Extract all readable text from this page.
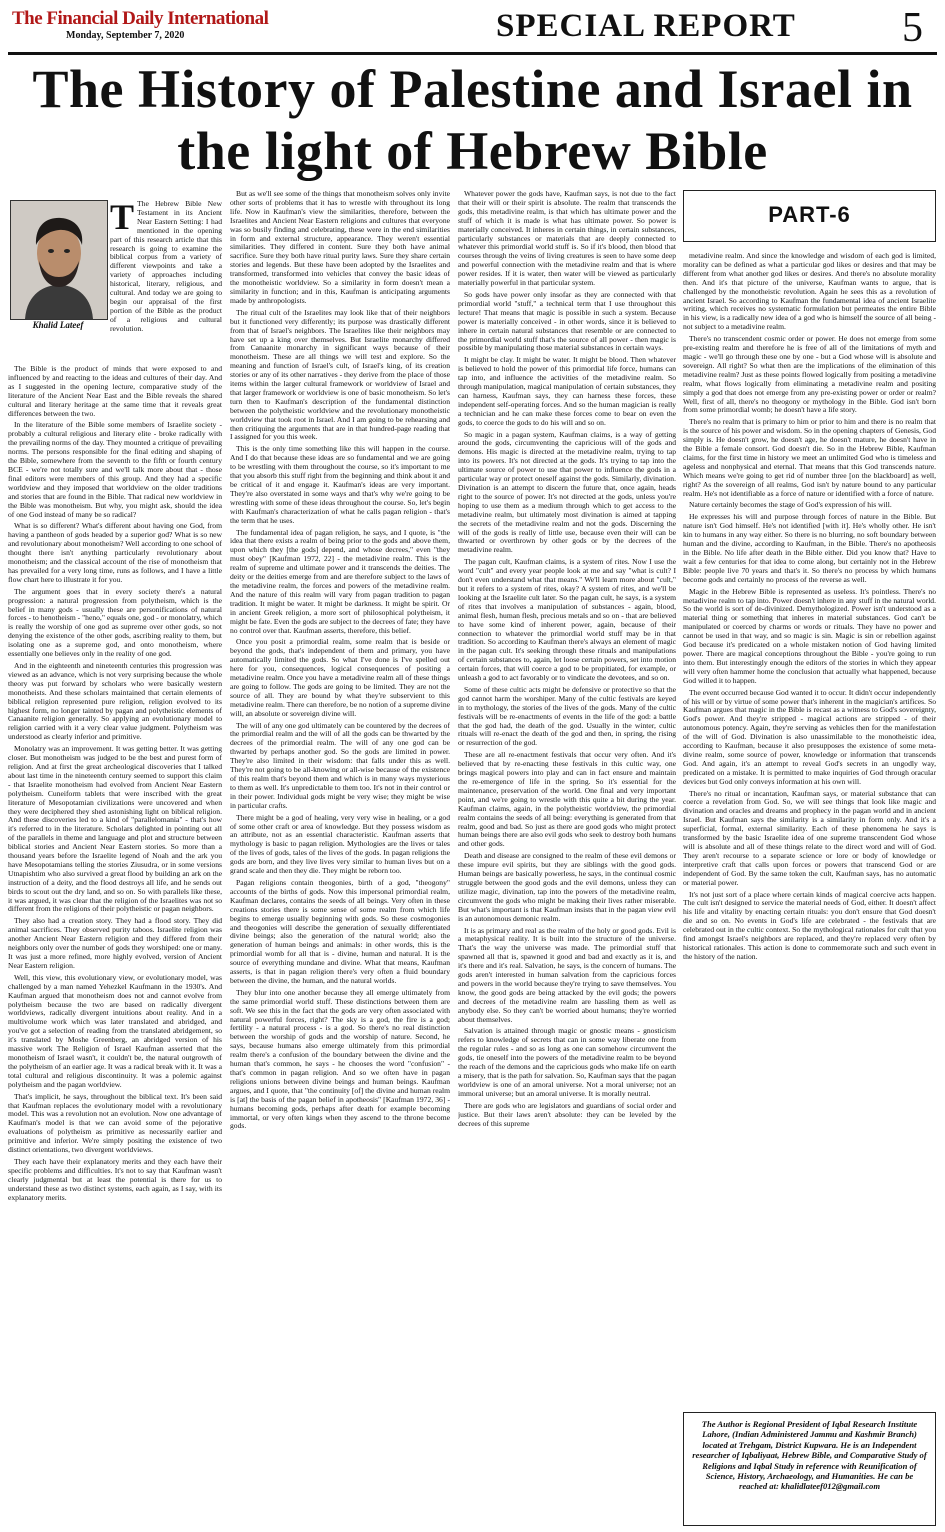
The Financial Daily International
Monday, September 7, 2020	SPECIAL REPORT	5
The History of Palestine and Israel in the light of Hebrew Bible
Khalid Lateef
T The Hebrew Bible New Testament in its Ancient Near Eastern Setting: I had mentioned in the opening part of this research article that this research is going to examine the biblical corpus from a variety of different viewpoints and take a variety of approaches including historical, literary, religious, and cultural. And today we are going to begin our appraisal of the first portion of the Bible as the product of a religious and cultural revolution.

The Bible is the product of minds that were exposed to and influenced by and reacting to the ideas and cultures of their day. And as I suggested in the opening lecture, comparative study of the literature of the Ancient Near East and the Bible reveals the shared cultural and literary heritage at the same time that it reveals great differences between the two.

In the literature of the Bible some members of Israelite society - probably a cultural religious and literary elite - broke radically with the prevailing norms of the day. They mounted a critique of prevailing norms. The persons responsible for the final editing and shaping of the Bible, somewhere from the seventh to the fifth or fourth century BCE - we're not totally sure and we'll talk more about that - those final editors were members of this group. And they had a specific worldview and they imposed that worldview on the older traditions and stories that are found in the Bible. That radical new worldview in the Bible was monotheism. But why, you might ask, should the idea of one God instead of many be so radical?

What is so different? What's different about having one God, from having a pantheon of gods headed by a superior god? What is so new and revolutionary about monotheism? Well according to one school of thought there isn't anything particularly revolutionary about monotheism; and the classical account of the rise of monotheism that has prevailed for a very long time, runs as follows, and I have a little flow chart here to illustrate it for you.

The argument goes that in every society there's a natural progression: a natural progression from polytheism, which is the belief in many gods - usually these are personifications of natural forces - to henotheism - "heno," equals one, god - or monolatry, which is really the worship of one god as supreme over other gods, so not denying the existence of the other gods, ascribing reality to them, but isolating one as a supreme god, and onto monotheism, where essentially one believes only in the reality of one god.

And in the eighteenth and nineteenth centuries this progression was viewed as an advance, which is not very surprising because the whole theory was put forward by scholars who were basically western monotheists. And these scholars maintained that certain elements of biblical religion represented pure religion, religion evolved to its highest form, no longer tainted by pagan and polytheistic elements of Canaanite religion generally. So applying an evolutionary model to religion carried with it a very clear value judgment. Polytheism was understood as clearly inferior and primitive.

Monolatry was an improvement. It was getting better. It was getting closer. But monotheism was judged to be the best and purest form of religion. And at first the great archeological discoveries that I talked about last time in the nineteenth century seemed to support this claim - that Israelite monotheism had evolved from Ancient Near Eastern polytheism. Cuneiform tablets that were inscribed with the great literature of Mesopotamian civilizations were uncovered and when they were deciphered they shed astonishing light on biblical religion. And these discoveries led to a kind of "parallelomania" - that's how it's referred to in the literature. Scholars delighted in pointing out all of the parallels in theme and language and plot and structure between biblical stories and Ancient Near Eastern stories. So more than a thousand years before the Israelite legend of Noah and the ark you have Mesopotamians telling the stories Ziusudra, or in some versions Utnapishtim who also survived a great flood by building an ark on the instruction of a deity, and the flood destroys all life, and he sends out birds to scout out the dry land, and so on. So with parallels like these, it was argued, it was clear that the religion of the Israelites was not so different from the religions of their polytheistic or pagan neighbors.

They also had a creation story. They had a flood story. They did animal sacrifices. They observed purity taboos. Israelite religion was another Ancient Near Eastern religion and they differed from their neighbors only over the number of gods they worshiped: one or many. It was just a more refined, more highly evolved, version of Ancient Near Eastern religion.

Well, this view, this evolutionary view, or evolutionary model, was challenged by a man named Yehezkel Kaufmann in the 1930's. And Kaufman argued that monotheism does not and cannot evolve from polytheism because the two are based on radically divergent worldviews, radically divergent intuitions about reality. And in a multivolume work which was later translated and abridged, and you've got a selection of reading from the translated abridgement, so it's translated by Moshe Greenberg, an abridged version of his massive work The Religion of Israel Kaufman asserted that the monotheism of Israel wasn't, it couldn't be, the natural outgrowth of the polytheism of an earlier age. It was a radical break with it. It was a total cultural and religious discontinuity. It was a polemic against polytheism and the pagan worldview.

That's implicit, he says, throughout the biblical text. It's been said that Kaufman replaces the evolutionary model with a revolutionary model. This was a revolution not an evolution. Now one advantage of Kaufman's model is that we can avoid some of the pejorative evaluations of polytheism as primitive as necessarily earlier and primitive and inferior. We're simply positing the existence of two distinct orientations, two divergent worldviews.

They each have their explanatory merits and they each have their specific problems and difficulties. It's not to say that Kaufman wasn't clearly judgmental but at least the potential is there for us to understand these as two distinct systems, each again, as I say, with its explanatory merits.

But as we'll see some of the things that monotheism solves only invite other sorts of problems that it has to wrestle with throughout its long life. Now in Kaufman's view the similarities, therefore, between the Israelites and Ancient Near Eastern religions and cultures that everyone was so busily finding and celebrating, these were in the end similarities in form and external structure, appearance. They weren't essential similarities. They differed in content. Sure they both have animal sacrifice. Sure they both have ritual purity laws. Sure they share certain stories and legends. But these have been adopted by the Israelites and transformed, transformed into vehicles that convey the basic ideas of the monotheistic worldview. So a similarity in form doesn't mean a similarity in function; and in this, Kaufman is anticipating arguments made by anthropologists.

The ritual cult of the Israelites may look like that of their neighbors but it functioned very differently; its purpose was drastically different from that of Israel's neighbors. The Israelites like their neighbors may have set up a king over themselves. But Israelite monarchy differed from Canaanite monarchy in significant ways because of their monotheism. These are all things we will test and explore. So the meaning and function of Israel's cult, of Israel's king, of its creation stories or any of its other narratives - they derive from the place of those items within the larger cultural framework or worldview of Israel and that larger framework or worldview is one of basic monotheism. So let's turn then to Kaufman's description of the fundamental distinction between the polytheistic worldview and the revolutionary monotheistic worldview that took root in Israel. And I am going to be rehearsing and then critiquing the arguments that are in that hundred-page reading that I assigned for you this week.

This is the only time something like this will happen in the course. And I do that because these ideas are so fundamental and we are going to be wrestling with them throughout the course, so it's important to me that you absorb this stuff right from the beginning and think about it and be critical of it and engage it. Kaufman's ideas are very important. They're also overstated in some ways and that's why we're going to be wrestling with some of these ideas throughout the course. So, let's begin with Kaufman's characterization of what he calls pagan religion - that's the term that he uses.

The fundamental idea of pagan religion, he says, and I quote, is "the idea that there exists a realm of being prior to the gods and above them, upon which they [the gods] depend, and whose decrees," even "they must obey" [Kaufman 1972, 22] - the metadivine realm. This is the realm of supreme and ultimate power and it transcends the deities. The deity or the deities emerge from and are therefore subject to the laws of the metadivine realm, the forces and powers of the metadivine realm. And the nature of this realm will vary from pagan tradition to pagan tradition. It might be water. It might be darkness. It might be spirit. Or in ancient Greek religion, a more sort of philosophical polytheism, it might be fate. Even the gods are subject to the decrees of fate; they have no control over that. Kaufman asserts, therefore, this belief.

Once you posit a primordial realm, some realm that is beside or beyond the gods, that's independent of them and primary, you have automatically limited the gods. So what I've done is I've spelled out here for you, consequences, logical consequences of positing a metadivine realm. Once you have a metadivine realm all of these things are going to follow. The gods are going to be limited. They are not the source of all. They are bound by what they're subservient to this metadivine realm. There can therefore, be no notion of a supreme divine will, an absolute or sovereign divine will.

The will of any one god ultimately can be countered by the decrees of the primordial realm and the will of all the gods can be thwarted by the decrees of the primordial realm. The will of any one god can be thwarted by perhaps another god. So the gods are limited in power. They're also limited in their wisdom: that falls under this as well. They're not going to be all-knowing or all-wise because of the existence of this realm that's beyond them and which is in many ways mysterious to them as well. It's unpredictable to them too. It's not in their control or in their power. Individual gods might be very wise; they might be wise in particular crafts.

There might be a god of healing, very very wise in healing, or a god of some other craft or area of knowledge. But they possess wisdom as an attribute, not as an essential characteristic. Kaufman asserts that mythology is basic to pagan religion. Mythologies are the lives or tales of the lives of gods, tales of the lives of the gods. In pagan religions the gods are born, and they live lives very similar to human lives but on a grand scale and then they die. They might be reborn too.

Pagan religions contain theogonies, birth of a god, "theogony" accounts of the births of gods. Now this impersonal primordial realm, Kaufman declares, contains the seeds of all beings. Very often in these creations stories there is some sense of some realm from which life begins to emerge usually beginning with gods. So these cosmogonies and theogonies will describe the generation of sexually differentiated divine beings; also the generation of the natural world; also the generation of human beings and animals: in other words, this is the primordial womb for all that is - divine, human and natural. It is the source of everything mundane and divine. What that means, Kaufman asserts, is that in pagan religion there's very often a fluid boundary between the divine, the human, and the natural worlds.

They blur into one another because they all emerge ultimately from the same primordial world stuff. These distinctions between them are soft. We see this in the fact that the gods are very often associated with natural powerful forces, right? The sky is a god, the fire is a god; fertility - a natural process - is a god. So there's no real distinction between the worship of gods and the worship of nature. Second, he says, because humans also emerge ultimately from this primordial realm there's a confusion of the boundary between the divine and the human that's common, he says - he chooses the word "confusion" - that's common in pagan religion. And so we often have in pagan religions unions between divine beings and human beings. Kaufman argues, and I quote, that "the continuity [of] the divine and human realm is [at] the basis of the pagan belief in apotheosis" [Kaufman 1972, 36] - humans becoming gods, perhaps after death for example becoming immortal, or very often kings when they ascend to the throne become gods.

Whatever power the gods have, Kaufman says, is not due to the fact that their will or their spirit is absolute. The realm that transcends the gods, this metadivine realm, is that which has ultimate power and the stuff of which it is made is what has ultimate power. So power is materially conceived. It inheres in certain things, in certain substances, particularly substances or materials that are deeply connected to whatever this primordial world stuff is. So if it's blood, then blood that courses through the veins of living creatures is seen to have some deep and powerful connection with the metadivine realm and that is where power resides. If it is water, then water will be viewed as particularly materially powerful in that particular system.

So gods have power only insofar as they are connected with that primordial world "stuff," a technical term that I use throughout this lecture! That means that magic is possible in such a system. Because power is materially conceived - in other words, since it is believed to inhere in certain natural substances that resemble or are connected to the primordial world stuff that's the source of all power - then magic is possible by manipulating those material substances in certain ways.

It might be clay. It might be water. It might be blood. Then whatever is believed to hold the power of this primordial life force, humans can tap into, and influence the activities of the metadivine realm. So through manipulation, magical manipulation of certain substances, they can harness, Kaufman says, they can harness these forces, these independent self-operating forces. And so the human magician is really a technician and he can make these forces come to bear on even the gods, to coerce the gods to do his will and so on.

So magic in a pagan system, Kaufman claims, is a way of getting around the gods, circumventing the capricious will of the gods and demons. His magic is directed at the metadivine realm, trying to tap into its powers. It's not directed at the gods. It's trying to tap into the ultimate source of power to use that power to influence the gods in a particular way or protect oneself against the gods. Similarly, divination. Divination is an attempt to discern the future that, once again, heads right to the source of power. It's not directed at the gods, unless you're hoping to use them as a medium through which to get access to the metadivine realm, but ultimately most divination is aimed at tapping the secrets of the metadivine realm and not the gods. Discerning the will of the gods is really of little use, because even their will can be thwarted or overthrown by other gods or by the decrees of the metadivine realm.

The pagan cult, Kaufman claims, is a system of rites. Now I use the word "cult" and every year people look at me and say "what is cult? I don't even understand what that means." We'll learn more about "cult," but it refers to a system of rites, okay? A system of rites, and we'll be looking at the Israelite cult later. So the pagan cult, he says, is a system of rites that involves a manipulation of substances - again, blood, animal flesh, human flesh, precious metals and so on - that are believed to have some kind of inherent power, again, because of their connection to whatever the primordial world stuff may be in that tradition. So according to Kaufman there's always an element of magic in the pagan cult. It's seeking through these rituals and manipulations of certain substances to, again, let loose certain powers, set into motion certain forces, that will coerce a god to be propitiated, for example, or unleash a god to act favorably or to vindicate the devotees, and so on.

Some of these cultic acts might be defensive or protective so that the god cannot harm the worshiper. Many of the cultic festivals are keyed in to mythology, the stories of the lives of the gods. Many of the cultic festivals will be re-enactments of events in the life of the god: a battle that the god had, the death of the god. Usually in the winter, cultic rituals will re-enact the death of the god and then, in spring, the rising or resurrection of the god.

These are all re-enactment festivals that occur very often. And it's believed that by re-enacting these festivals in this cultic way, one brings magical powers into play and can in fact ensure and maintain the re-emergence of life in the spring. So it's essential for the maintenance, preservation of the world. One final and very important point, and we're going to wrestle with this quite a bit during the year. Kaufman claims, again, in the polytheistic worldview, the primordial realm contains the seeds of all being: everything is generated from that realm, good and bad. So just as there are good gods who might protect human beings there are also evil gods who seek to destroy both humans and other gods.

Death and disease are consigned to the realm of these evil demons or these impure evil spirits, but they are siblings with the good gods. Human beings are basically powerless, he says, in the continual cosmic struggle between the good gods and the evil demons, unless they can utilize magic, divination, tap into the powers of the metadivine realm, circumvent the gods who might be making their lives rather miserable. But what's important is that Kaufman insists that in the pagan view evil is an autonomous demonic realm.

It is as primary and real as the realm of the holy or good gods. Evil is a metaphysical reality. It is built into the structure of the universe. That's the way the universe was made. The primordial stuff that spawned all that is, spawned it good and bad and exactly as it is, and it's there and it's real. Salvation, he says, is the concern of humans. The gods aren't interested in human salvation from the capricious forces and powers in the world because they're trying to save themselves. You know, the good gods are being attacked by the evil gods; the powers and decrees of the metadivine realm are hassling them as well as anybody else. So they can't be worried about humans; they're worried about themselves.

Salvation is attained through magic or gnostic means - gnosticism refers to knowledge of secrets that can in some way liberate one from the regular rules - and so as long as one can somehow circumvent the gods, tie oneself into the powers of the metadivine realm to be beyond the reach of the demons and the capricious gods who make life on earth a misery, that is the path for salvation. So, Kaufman says that the pagan worldview is one of an amoral universe. Not a moral universe; not an immoral universe; but an amoral universe. It is morally neutral.

There are gods who are legislators and guardians of social order and justice. But their laws aren't absolute: they can be leveled by the decrees of this supreme

PART-6

metadivine realm. And since the knowledge and wisdom of each god is limited, morality can be defined as what a particular god likes or desires and that may be different from what another god likes or desires. And there's no absolute morality then. And it's that picture of the universe, Kaufman wants to argue, that is challenged by the monotheistic revolution. Again he sees this as a revolution of ancient Israel. So according to Kaufman the fundamental idea of ancient Israelite writing, which receives no systematic formulation but permeates the entire Bible in his view, is a radically new idea of a god who is himself the source of all being - not subject to a metadivine realm.

There's no transcendent cosmic order or power. He does not emerge from some pre-existing realm and therefore he is free of all of the limitations of myth and magic - we'll go through these one by one - but a God whose will is absolute and sovereign. All right? So what then are the implications of the elimination of this metadivine realm? Just as these points flowed logically from positing a metadivine realm, what flows logically from eliminating a metadivine realm and positing simply a god that does not emerge from any pre-existing power or order or realm? Well, first of all, there's no theogony or mythology in the Bible. God isn't born from some primordial womb; he doesn't have a life story.

There's no realm that is primary to him or prior to him and there is no realm that is the source of his power and wisdom. So in the opening chapters of Genesis, God simply is. He doesn't grow, he doesn't age, he doesn't mature, he doesn't have in the Bible a female consort. God doesn't die. So in the Hebrew Bible, Kaufman claims, for the first time in history we meet an unlimited God who is timeless and ageless and nonphysical and eternal. That means that this God transcends nature. Which means we're going to get rid of number three [on the blackboard] as well, right? As the sovereign of all realms, God isn't by nature bound to any particular realm. He's not identifiable as a force of nature or identified with a force of nature.

Nature certainly becomes the stage of God's expression of his will.

He expresses his will and purpose through forces of nature in the Bible. But nature isn't God himself. He's not identified [with it]. He's wholly other. He isn't kin to humans in any way either. So there is no blurring, no soft boundary between human and the divine, according to Kaufman, in the Bible. There's no apotheosis in the Bible. No life after death in the Bible either. Did you know that? Have to wait a few centuries for that idea to come along, but certainly not in the Hebrew Bible: people live 70 years and that's it. So there's no process by which humans become gods and certainly no process of the reverse as well.

Magic in the Hebrew Bible is represented as useless. It's pointless. There's no metadivine realm to tap into. Power doesn't inhere in any stuff in the natural world. So the world is sort of de-divinized. Demythologized. Power isn't understood as a material thing or something that inheres in material substances. God can't be manipulated or coerced by charms or words or rituals. They have no power and cannot be used in that way, and so magic is sin. Magic is sin or rebellion against God because it's predicated on a whole mistaken notion of God having limited power. There are magical conceptions throughout the Bible - you're going to run into them. But interestingly enough the editors of the stories in which they appear will very often hammer home the conclusion that actually what happened, because God willed it to happen.

The event occurred because God wanted it to occur. It didn't occur independently of his will or by virtue of some power that's inherent in the magician's artifices. So Kaufman argues that magic in the Bible is recast as a witness to God's sovereignty, God's power. And they're stripped - magical actions are stripped - of their autonomous potency. Again, they're serving as vehicles then for the manifestation of the will of God. Divination is also unassimilable to the monotheistic idea, according to Kaufman, because it also presupposes the existence of some meta-divine realm, some source of power, knowledge or information that transcends God. And again, it's an attempt to reveal God's secrets in an ungodly way, predicated on a mistake. It is permitted to make inquiries of God through oracular devices but God only conveys information at his own will.

There's no ritual or incantation, Kaufman says, or material substance that can coerce a revelation from God. So, we will see things that look like magic and divination and oracles and dreams and prophecy in the pagan world and in ancient Israel. But Kaufman says the similarity is a similarity in form only. And it's a superficial, formal, external similarity. Each of these phenomena he says is transformed by the basic Israelite idea of one supreme transcendent God whose will is absolute and all of these things relate to the direct word and will of God. They aren't recourse to a separate science or lore or body of knowledge or interpretive craft that calls upon forces or powers that transcend God or are independent of God. By the same token the cult, Kaufman says, has no automatic or material power.

It's not just sort of a place where certain kinds of magical coercive acts happen. The cult isn't designed to service the material needs of God, either. It doesn't affect his life and vitality by enacting certain rituals: you don't ensure that God doesn't die and so on. No events in God's life are celebrated - the festivals that are celebrated out in the cultic context. So the mythological rationales for cult that you find amongst Israel's neighbors are replaced, and they're replaced very often by historical rationales. This action is done to commemorate such and such event in the history of the nation.

The Author is Regional President of Iqbal Research Institute Lahore, (Indian Administered Jammu and Kashmir Branch) located at Trehgam, District Kupwara. He is an Independent researcher of Iqbaliyaat, Hebrew Bible, and Comparative Study of Religions and Iqbal Study in reference with Reunification of Science, History, Archaeology, and Humanities. He can be reached at: khalidlateef012@gmail.com
